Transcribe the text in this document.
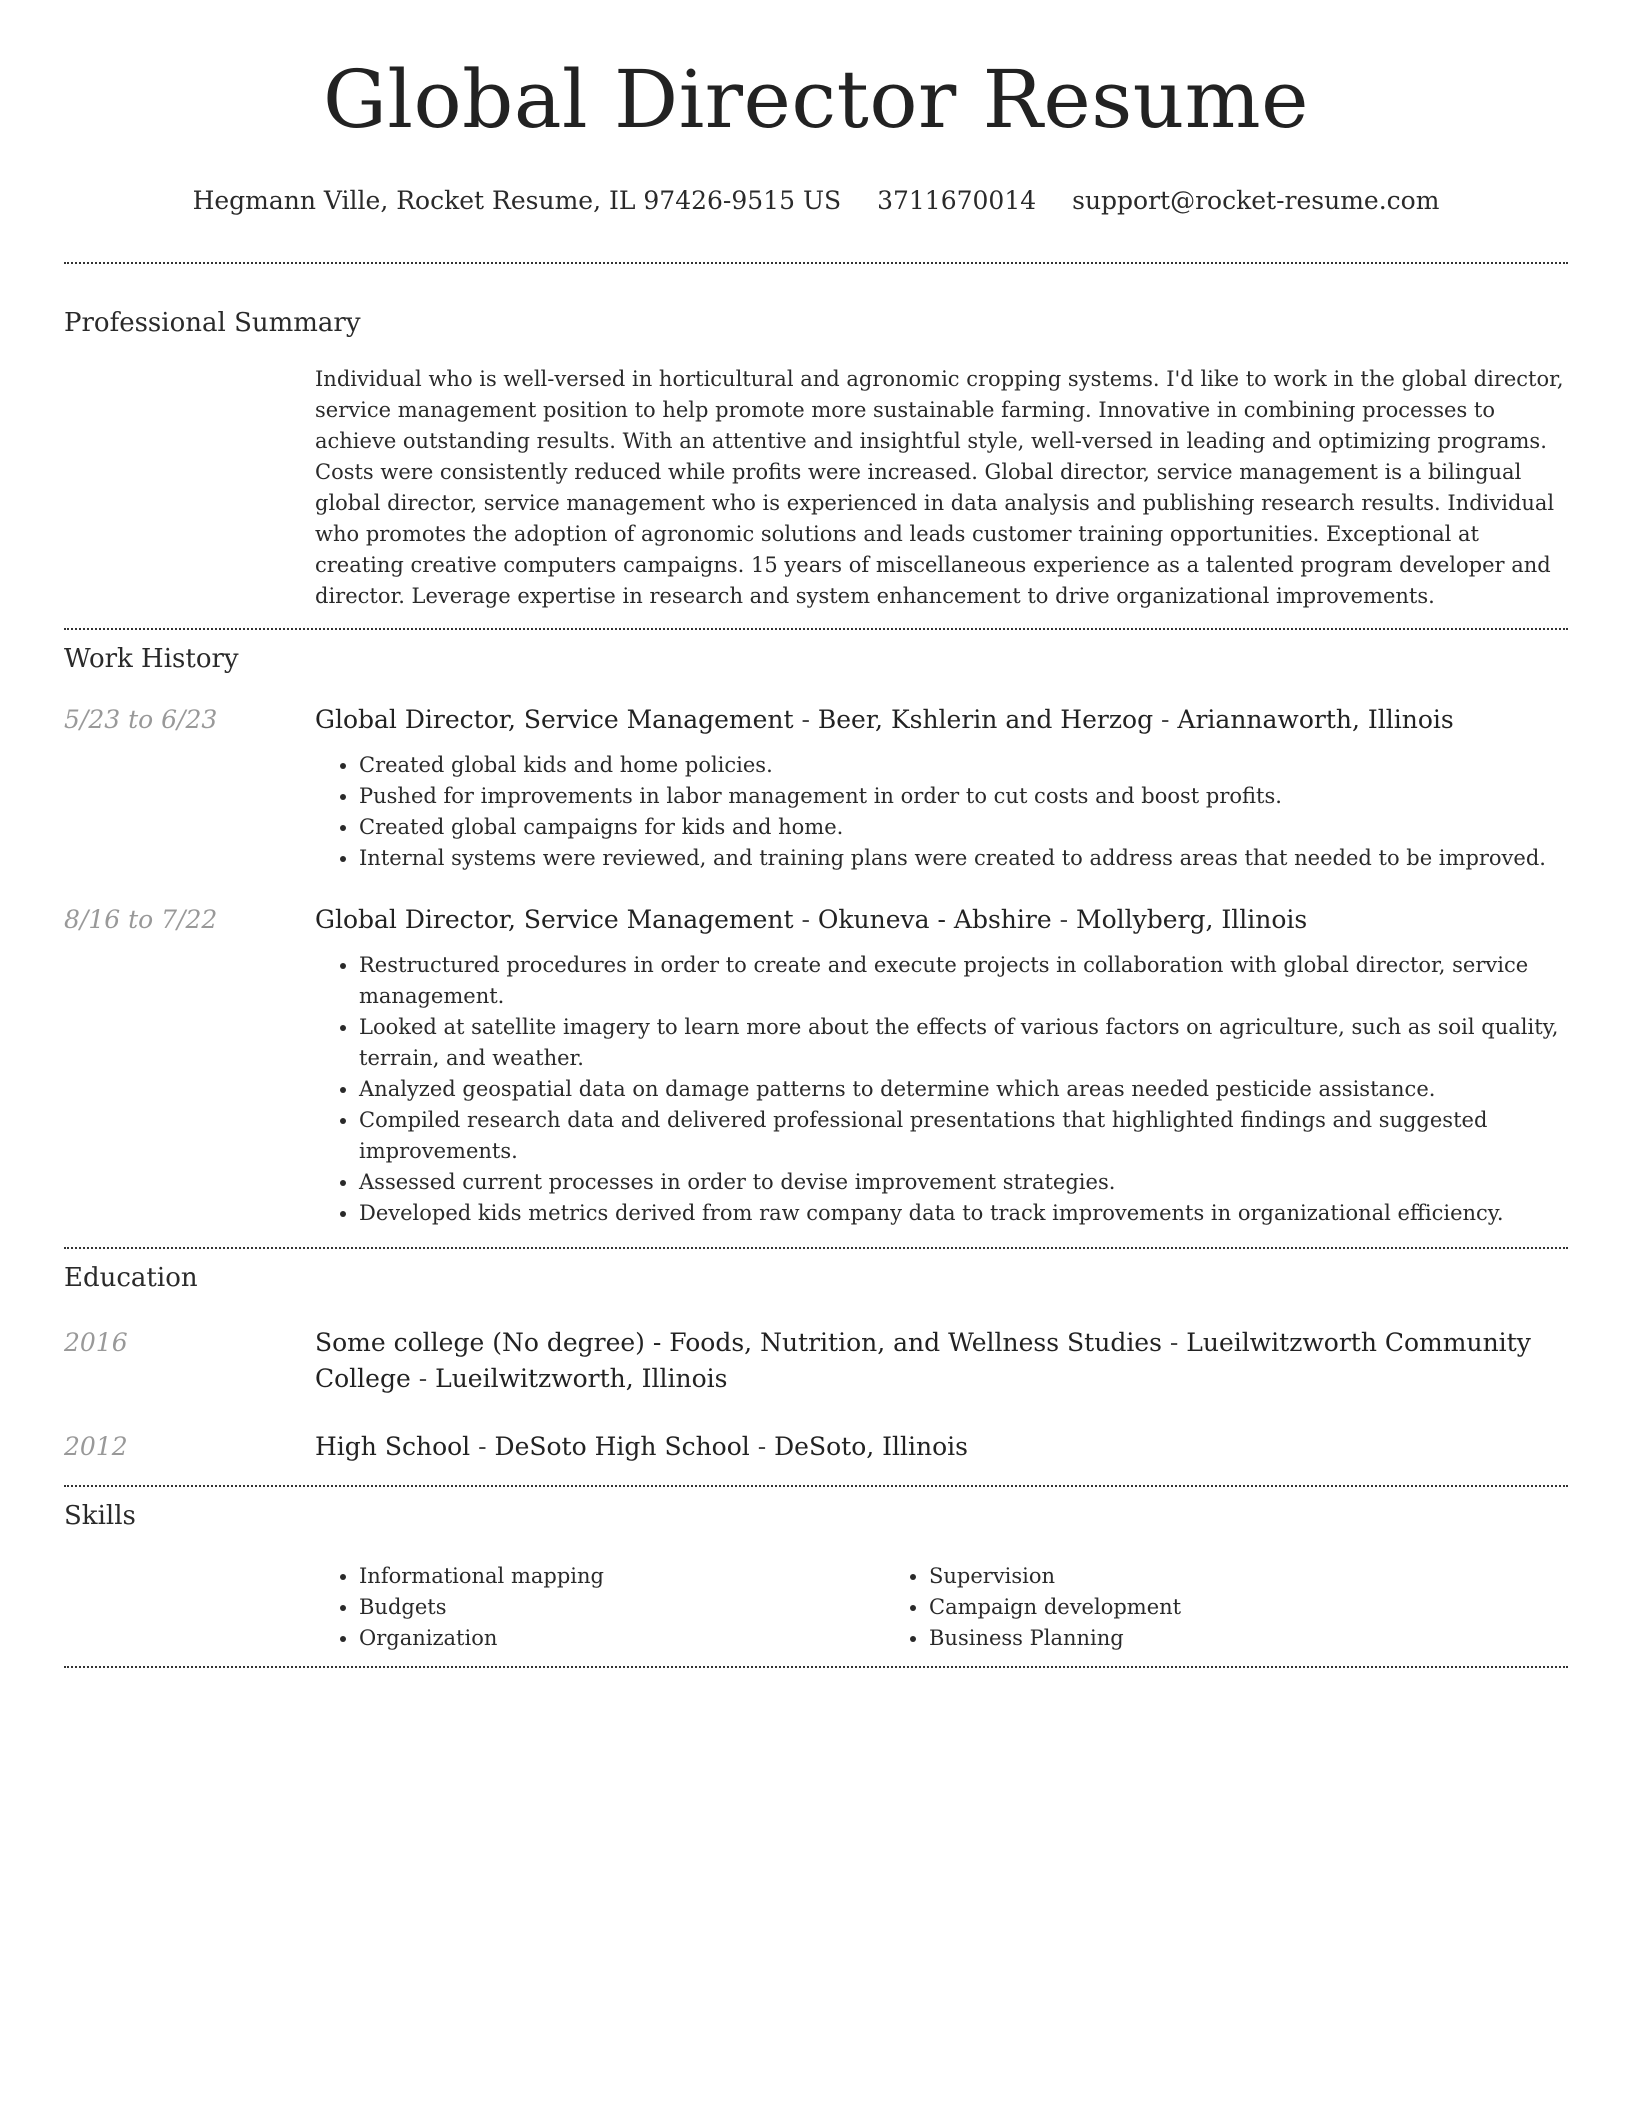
Global Director Resume
Hegmann Ville, Rocket Resume, IL 97426-9515 US 3711670014 support@rocket-resume.com
Professional Summary

Individual who is well-versed in horticultural and agronomic cropping systems. I'd like to work in the global director, service management position to help promote more sustainable farming. Innovative in combining processes to achieve outstanding results. With an attentive and insightful style, well-versed in leading and optimizing programs. Costs were consistently reduced while profits were increased. Global director, service management is a bilingual global director, service management who is experienced in data analysis and publishing research results. Individual who promotes the adoption of agronomic solutions and leads customer training opportunities. Exceptional at creating creative computers campaigns. 15 years of miscellaneous experience as a talented program developer and director. Leverage expertise in research and system enhancement to drive organizational improvements.

Work History
5/23 to 6/23	Global Director, Service Management - Beer, Kshlerin and Herzog - Ariannaworth, Illinois
• Created global kids and home policies.
• Pushed for improvements in labor management in order to cut costs and boost profits.
• Created global campaigns for kids and home.
• Internal systems were reviewed, and training plans were created to address areas that needed to be improved.
8/16 to 7/22	Global Director, Service Management - Okuneva - Abshire - Mollyberg, Illinois
• Restructured procedures in order to create and execute projects in collaboration with global director, service management.
• Looked at satellite imagery to learn more about the effects of various factors on agriculture, such as soil quality, terrain, and weather.
• Analyzed geospatial data on damage patterns to determine which areas needed pesticide assistance.
• Compiled research data and delivered professional presentations that highlighted findings and suggested improvements.
• Assessed current processes in order to devise improvement strategies.
• Developed kids metrics derived from raw company data to track improvements in organizational efficiency.
Education
2016	Some college (No degree) - Foods, Nutrition, and Wellness Studies - Lueilwitzworth Community College - Lueilwitzworth, Illinois
2012	High School - DeSoto High School - DeSoto, Illinois
Skills
• Informational mapping
• Budgets
• Organization
• Supervision
• Campaign development
• Business Planning
